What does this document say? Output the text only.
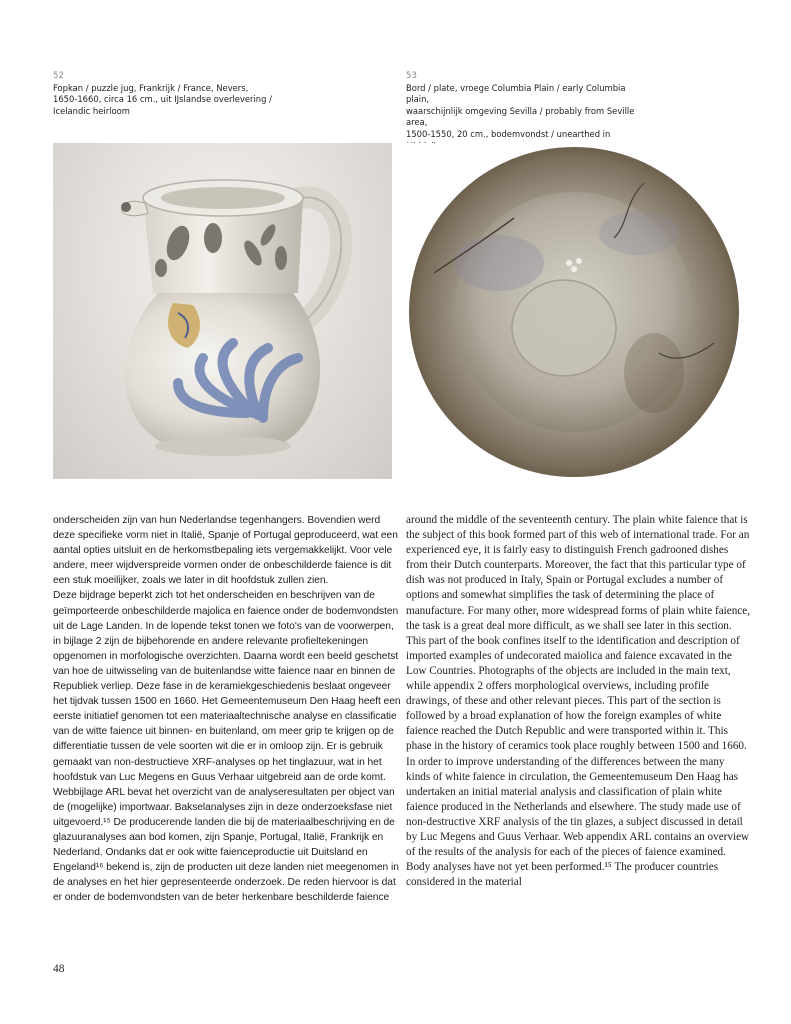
52
Fopkan / puzzle jug, Frankrijk / France, Nevers,
1650-1660, circa 16 cm., uit IJslandse overlevering /
Icelandic heirloom
53
Bord / plate, vroege Columbia Plain / early Columbia plain,
waarschijnlijk omgeving Sevilla / probably from Seville area,
1500-1550, 20 cm., bodemvondst / unearthed in

onderscheiden zijn van hun Nederlandse tegenhangers. Bovendien werd deze specifieke vorm niet in Italië, Spanje of Portugal geproduceerd, wat een aantal opties uitsluit en de herkomstbepaling iets vergemakkelijkt. Voor vele andere, meer wijdverspreide vormen onder de onbeschilderde faience is dit een stuk moeilijker, zoals we later in dit hoofdstuk zullen zien.

Deze bijdrage beperkt zich tot het onderscheiden en beschrijven van de geïmporteerde onbeschilderde majolica en faience onder de bodemvondsten uit de Lage Landen. In de lopende tekst tonen we foto's van de voorwerpen, in bijlage 2 zijn de bijbehorende en andere relevante profieltekeningen opgenomen in morfologische overzichten. Daarna wordt een beeld geschetst van hoe de uitwisseling van de buitenlandse witte faience naar en binnen de Republiek verliep. Deze fase in de keramiekgeschiedenis beslaat ongeveer het tijdvak tussen 1500 en 1660. Het Gemeentemuseum Den Haag heeft een eerste initiatief genomen tot een materiaaltechnische analyse en classificatie van de witte faience uit binnen- en buitenland, om meer grip te krijgen op de differentiatie tussen de vele soorten wit die er in omloop zijn. Er is gebruik gemaakt van non-destructieve XRF-analyses op het tinglazuur, wat in het hoofdstuk van Luc Megens en Guus Verhaar uitgebreid aan de orde komt. Webbijlage ARL bevat het overzicht van de analyseresultaten per object van de (mogelijke) importwaar. Bakselanalyses zijn in deze onderzoeksfase niet uitgevoerd.¹⁵ De producerende landen die bij de materiaalbeschrijving en de glazuuranalyses aan bod komen, zijn Spanje, Portugal, Italië, Frankrijk en Nederland. Ondanks dat er ook witte faienceproductie uit Duitsland en Engeland¹⁶ bekend is, zijn de producten uit deze landen niet meegenomen in de analyses en het hier gepresenteerde onderzoek. De reden hiervoor is dat er onder de bodemvondsten van de beter herkenbare beschilderde faience

around the middle of the seventeenth century. The plain white faience that is the subject of this book formed part of this web of international trade. For an experienced eye, it is fairly easy to distinguish French gadrooned dishes from their Dutch counterparts. Moreover, the fact that this particular type of dish was not produced in Italy, Spain or Portugal excludes a number of options and somewhat simplifies the task of determining the place of manufacture. For many other, more widespread forms of plain white faience, the task is a great deal more difficult, as we shall see later in this section.

This part of the book confines itself to the identification and description of imported examples of undecorated maiolica and faience excavated in the Low Countries. Photographs of the objects are included in the main text, while appendix 2 offers morphological overviews, including profile drawings, of these and other relevant pieces. This part of the section is followed by a broad explanation of how the foreign examples of white faience reached the Dutch Republic and were transported within it. This phase in the history of ceramics took place roughly between 1500 and 1660. In order to improve understanding of the differences between the many kinds of white faience in circulation, the Gemeentemuseum Den Haag has undertaken an initial material analysis and classification of plain white faience produced in the Netherlands and elsewhere. The study made use of non-destructive XRF analysis of the tin glazes, a subject discussed in detail by Luc Megens and Guus Verhaar. Web appendix ARL contains an overview of the results of the analysis for each of the pieces of faience examined. Body analyses have not yet been performed.¹⁵ The producer countries considered in the material

48
